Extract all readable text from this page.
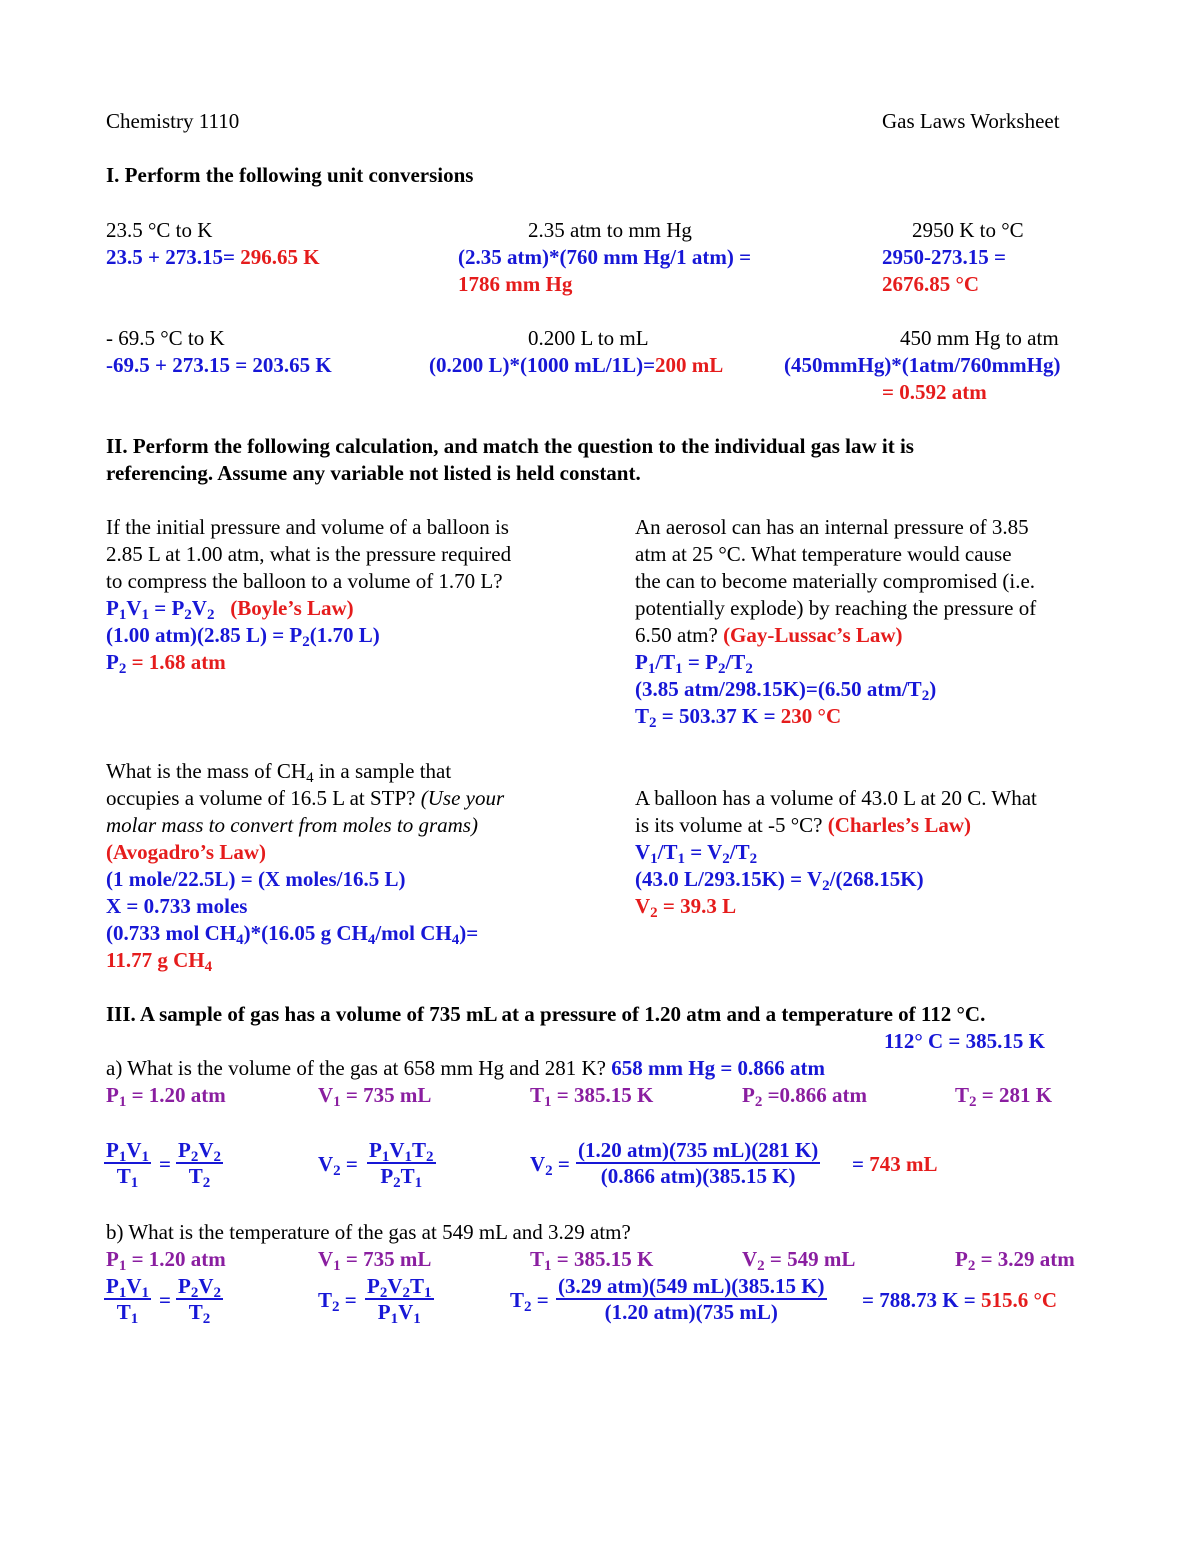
Chemistry 1110	Gas Laws Worksheet
I. Perform the following unit conversions
23.5 °C to K
23.5 + 273.15= 296.65 K
2.35 atm to mm Hg
(2.35 atm)*(760 mm Hg/1 atm) =
1786 mm Hg
2950 K to °C
2950-273.15 =
2676.85 °C
- 69.5 °C to K
-69.5 + 273.15 = 203.65 K
0.200 L to mL
(0.200 L)*(1000 mL/1L)=200 mL
450 mm Hg to atm
(450mmHg)*(1atm/760mmHg)
= 0.592 atm
II. Perform the following calculation, and match the question to the individual gas law it is
referencing. Assume any variable not listed is held constant.
If the initial pressure and volume of a balloon is
2.85 L at 1.00 atm, what is the pressure required
to compress the balloon to a volume of 1.70 L?
$P_1V_1 = P_2V_2$ (Boyle’s Law)
(1.00 atm)(2.85 $L) = P_2(1.70$ L)
$P_2 = 1.68$ atm
An aerosol can has an internal pressure of 3.85
atm at 25 °C. What temperature would cause
the can to become materially compromised (i.e.
potentially explode) by reaching the pressure of
6.50 atm? (Gay-Lussac’s Law)
$P_1/T_1 = P_2/T_2$
(3.85 atm/298.15K)=(6.50 atm/$T_2$)
$T_2 = 503.37$ K = 230 °C
What is the mass of $CH_4$ in a sample that
occupies a volume of 16.5 L at STP? (Use your
molar mass to convert from moles to grams)
(Avogadro’s Law)
(1 mole/22.5L) = (X moles/16.5 L)
X = 0.733 moles
(0.733 mol $CH_4)*(16.05$ g $CH_4$/mol $CH_4)=$
11.77 g $CH_4$
A balloon has a volume of 43.0 L at 20 C. What
is its volume at -5 °C? (Charles’s Law)
$V_1/T_1 = V_2/T_2$
(43.0 $L/293.15K) = V_2/(268.15K)$
$V_2 = 39.3$ L
III. A sample of gas has a volume of 735 mL at a pressure of 1.20 atm and a temperature of 112 °C.
112° C = 385.15 K
a) What is the volume of the gas at 658 mm Hg and 281 K? 658 mm Hg = 0.866 atm
$P_1 = 1.20$ atm	$V_1 = 735$ mL	$T_1 = 385.15$ K	$P_2 =0.866$ atm	$T_2 = 281$ K
$\frac{P_1V_1}{T_1} = \frac{P_2V_2}{T_2}$	$V_2 = \frac{P_1V_1T_2}{P_2T_1}$	$V_2$ =
(1.20 atm)(735 mL)(281 K)
(0.866 atm)(385.15 K)	= 743 mL
b) What is the temperature of the gas at 549 mL and 3.29 atm?
$P_1 = 1.20$ atm	$V_1 = 735$ mL	$T_1 = 385.15$ K	$V_2 = 549$ mL	$P_2 = 3.29$ atm
$\frac{P_1V_1}{T_1} = \frac{P_2V_2}{T_2}$	$T_2 = \frac{P_2V_2T_1}{P_1V_1}$	$T_2$ =
(3.29 atm)(549 mL)(385.15 K)
(1.20 atm)(735 mL)	= 788.73 K = 515.6 °C
